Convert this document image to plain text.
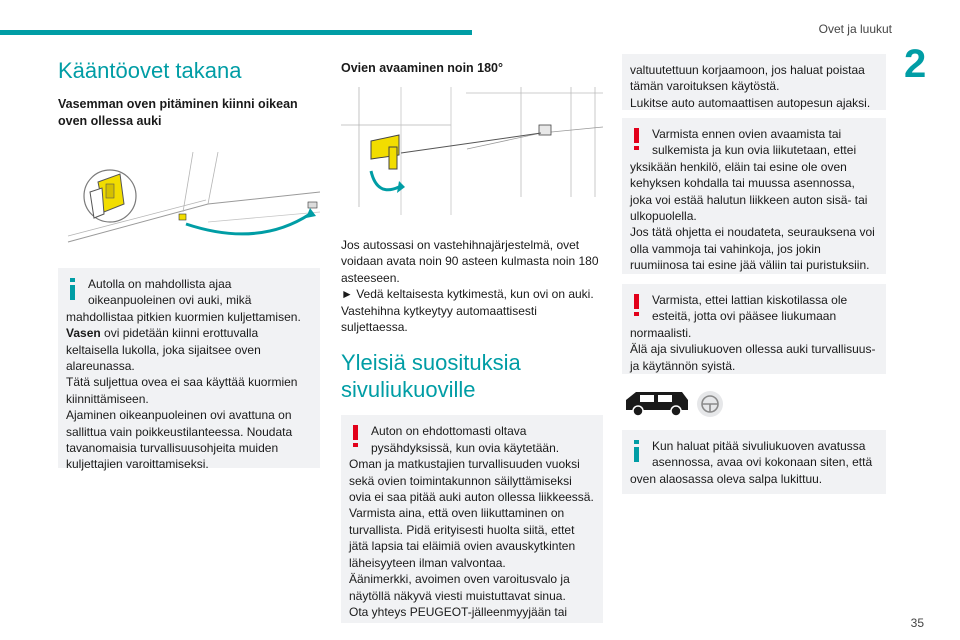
Ovet ja luukut
2
Kääntöovet takana
Vasemman oven pitäminen kiinni oikean oven ollessa auki
Autolla on mahdollista ajaa
oikeanpuoleinen ovi auki, mikä
mahdollistaa pitkien kuormien kuljettamisen.
Vasen ovi pidetään kiinni erottuvalla keltaisella lukolla, joka sijaitsee oven alareunassa.
Tätä suljettua ovea ei saa käyttää kuormien kiinnittämiseen.
Ajaminen oikeanpuoleinen ovi avattuna on sallittua vain poikkeustilanteessa. Noudata tavanomaisia turvallisuusohjeita muiden kuljettajien varoittamiseksi.
Ovien avaaminen noin 180°
Jos autossasi on vastehihnajärjestelmä, ovet voidaan avata noin 90 asteen kulmasta noin 180 asteeseen.
► Vedä keltaisesta kytkimestä, kun ovi on auki. Vastehihna kytkeytyy automaattisesti suljettaessa.
Yleisiä suosituksia sivuliukuoville
Auton on ehdottomasti oltava
pysähdyksissä, kun ovia käytetään.
Oman ja matkustajien turvallisuuden vuoksi sekä ovien toimintakunnon säilyttämiseksi ovia ei saa pitää auki auton ollessa liikkeessä.
Varmista aina, että oven liikuttaminen on turvallista. Pidä erityisesti huolta siitä, ettet jätä lapsia tai eläimiä ovien avauskytkinten läheisyyteen ilman valvontaa.
Äänimerkki, avoimen oven varoitusvalo ja näytöllä näkyvä viesti muistuttavat sinua.
Ota yhteys PEUGEOT-jälleenmyyjään tai
valtuutettuun korjaamoon, jos haluat poistaa tämän varoituksen käytöstä.
Lukitse auto automaattisen autopesun ajaksi.
Varmista ennen ovien avaamista tai
sulkemista ja kun ovia liikutetaan, ettei
yksikään henkilö, eläin tai esine ole oven kehyksen kohdalla tai muussa asennossa, joka voi estää halutun liikkeen auton sisä- tai ulkopuolella.
Jos tätä ohjetta ei noudateta, seurauksena voi olla vammoja tai vahinkoja, jos jokin ruumiinosa tai esine jää väliin tai puristuksiin.
Varmista, ettei lattian kiskotilassa ole
esteitä, jotta ovi pääsee liukumaan
normaalisti.
Älä aja sivuliukuoven ollessa auki turvallisuus-ja käytännön syistä.
Kun haluat pitää sivuliukuoven avatussa
asennossa, avaa ovi kokonaan siten, että
oven alaosassa oleva salpa lukittuu.
35
